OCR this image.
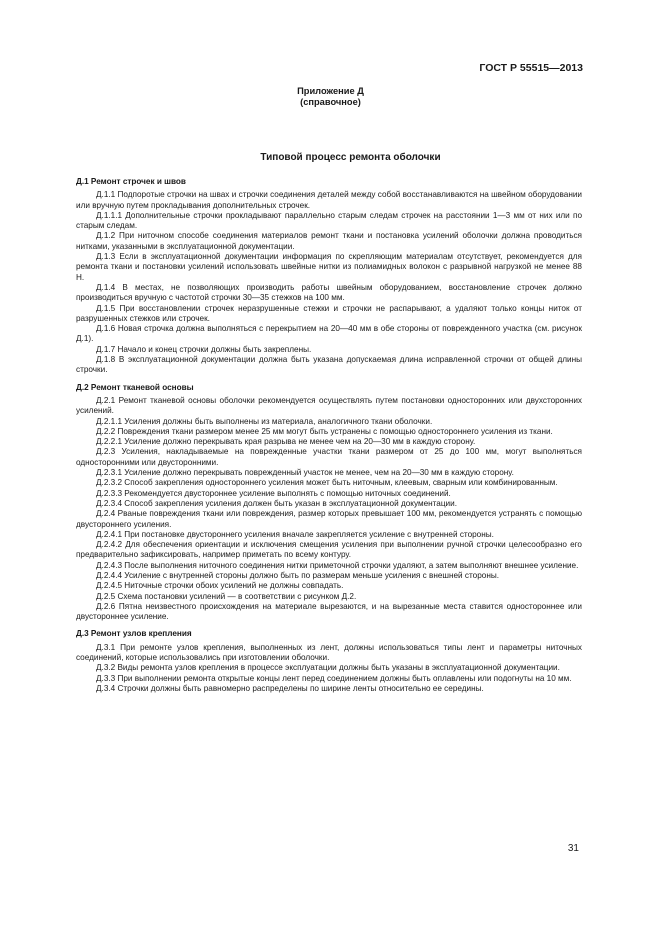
ГОСТ Р 55515—2013
Приложение Д
(справочное)
Типовой процесс ремонта оболочки
Д.1 Ремонт строчек и швов

Д.1.1 Подпоротые строчки на швах и строчки соединения деталей между собой восстанавливаются на швейном оборудовании или вручную путем прокладывания дополнительных строчек.

Д.1.1.1 Дополнительные строчки прокладывают параллельно старым следам строчек на расстоянии 1—3 мм от них или по старым следам.

Д.1.2 При ниточном способе соединения материалов ремонт ткани и постановка усилений оболочки должна проводиться нитками, указанными в эксплуатационной документации.

Д.1.3 Если в эксплуатационной документации информация по скрепляющим материалам отсутствует, рекомендуется для ремонта ткани и постановки усилений использовать швейные нитки из полиамидных волокон с разрывной нагрузкой не менее 88 Н.

Д.1.4 В местах, не позволяющих производить работы швейным оборудованием, восстановление строчек должно производиться вручную с частотой строчки 30—35 стежков на 100 мм.

Д.1.5 При восстановлении строчек неразрушенные стежки и строчки не распарывают, а удаляют только концы ниток от разрушенных стежков или строчек.

Д.1.6 Новая строчка должна выполняться с перекрытием на 20—40 мм в обе стороны от поврежденного участка (см. рисунок Д.1).

Д.1.7 Начало и конец строчки должны быть закреплены.

Д.1.8 В эксплуатационной документации должна быть указана допускаемая длина исправленной строчки от общей длины строчки.

Д.2 Ремонт тканевой основы

Д.2.1 Ремонт тканевой основы оболочки рекомендуется осуществлять путем постановки односторонних или двухсторонних усилений.

Д.2.1.1 Усиления должны быть выполнены из материала, аналогичного ткани оболочки.

Д.2.2 Повреждения ткани размером менее 25 мм могут быть устранены с помощью одностороннего усиления из ткани.

Д.2.2.1 Усиление должно перекрывать края разрыва не менее чем на 20—30 мм в каждую сторону.

Д.2.3 Усиления, накладываемые на поврежденные участки ткани размером от 25 до 100 мм, могут выполняться односторонними или двусторонними.

Д.2.3.1 Усиление должно перекрывать поврежденный участок не менее, чем на 20—30 мм в каждую сторону.

Д.2.3.2 Способ закрепления одностороннего усиления может быть ниточным, клеевым, сварным или комбинированным.

Д.2.3.3 Рекомендуется двустороннее усиление выполнять с помощью ниточных соединений.

Д.2.3.4 Способ закрепления усиления должен быть указан в эксплуатационной документации.

Д.2.4 Рваные повреждения ткани или повреждения, размер которых превышает 100 мм, рекомендуется устранять с помощью двустороннего усиления.

Д.2.4.1 При постановке двустороннего усиления вначале закрепляется усиление с внутренней стороны.

Д.2.4.2 Для обеспечения ориентации и исключения смещения усиления при выполнении ручной строчки целесообразно его предварительно зафиксировать, например приметать по всему контуру.

Д.2.4.3 После выполнения ниточного соединения нитки приметочной строчки удаляют, а затем выполняют внешнее усиление.

Д.2.4.4 Усиление с внутренней стороны должно быть по размерам меньше усиления с внешней стороны.

Д.2.4.5 Ниточные строчки обоих усилений не должны совпадать.

Д.2.5 Схема постановки усилений — в соответствии с рисунком Д.2.

Д.2.6 Пятна неизвестного происхождения на материале вырезаются, и на вырезанные места ставится одностороннее или двустороннее усиление.

Д.3 Ремонт узлов крепления

Д.3.1 При ремонте узлов крепления, выполненных из лент, должны использоваться типы лент и параметры ниточных соединений, которые использовались при изготовлении оболочки.

Д.3.2 Виды ремонта узлов крепления в процессе эксплуатации должны быть указаны в эксплуатационной документации.

Д.3.3 При выполнении ремонта открытые концы лент перед соединением должны быть оплавлены или подогнуты на 10 мм.

Д.3.4 Строчки должны быть равномерно распределены по ширине ленты относительно ее середины.

31
